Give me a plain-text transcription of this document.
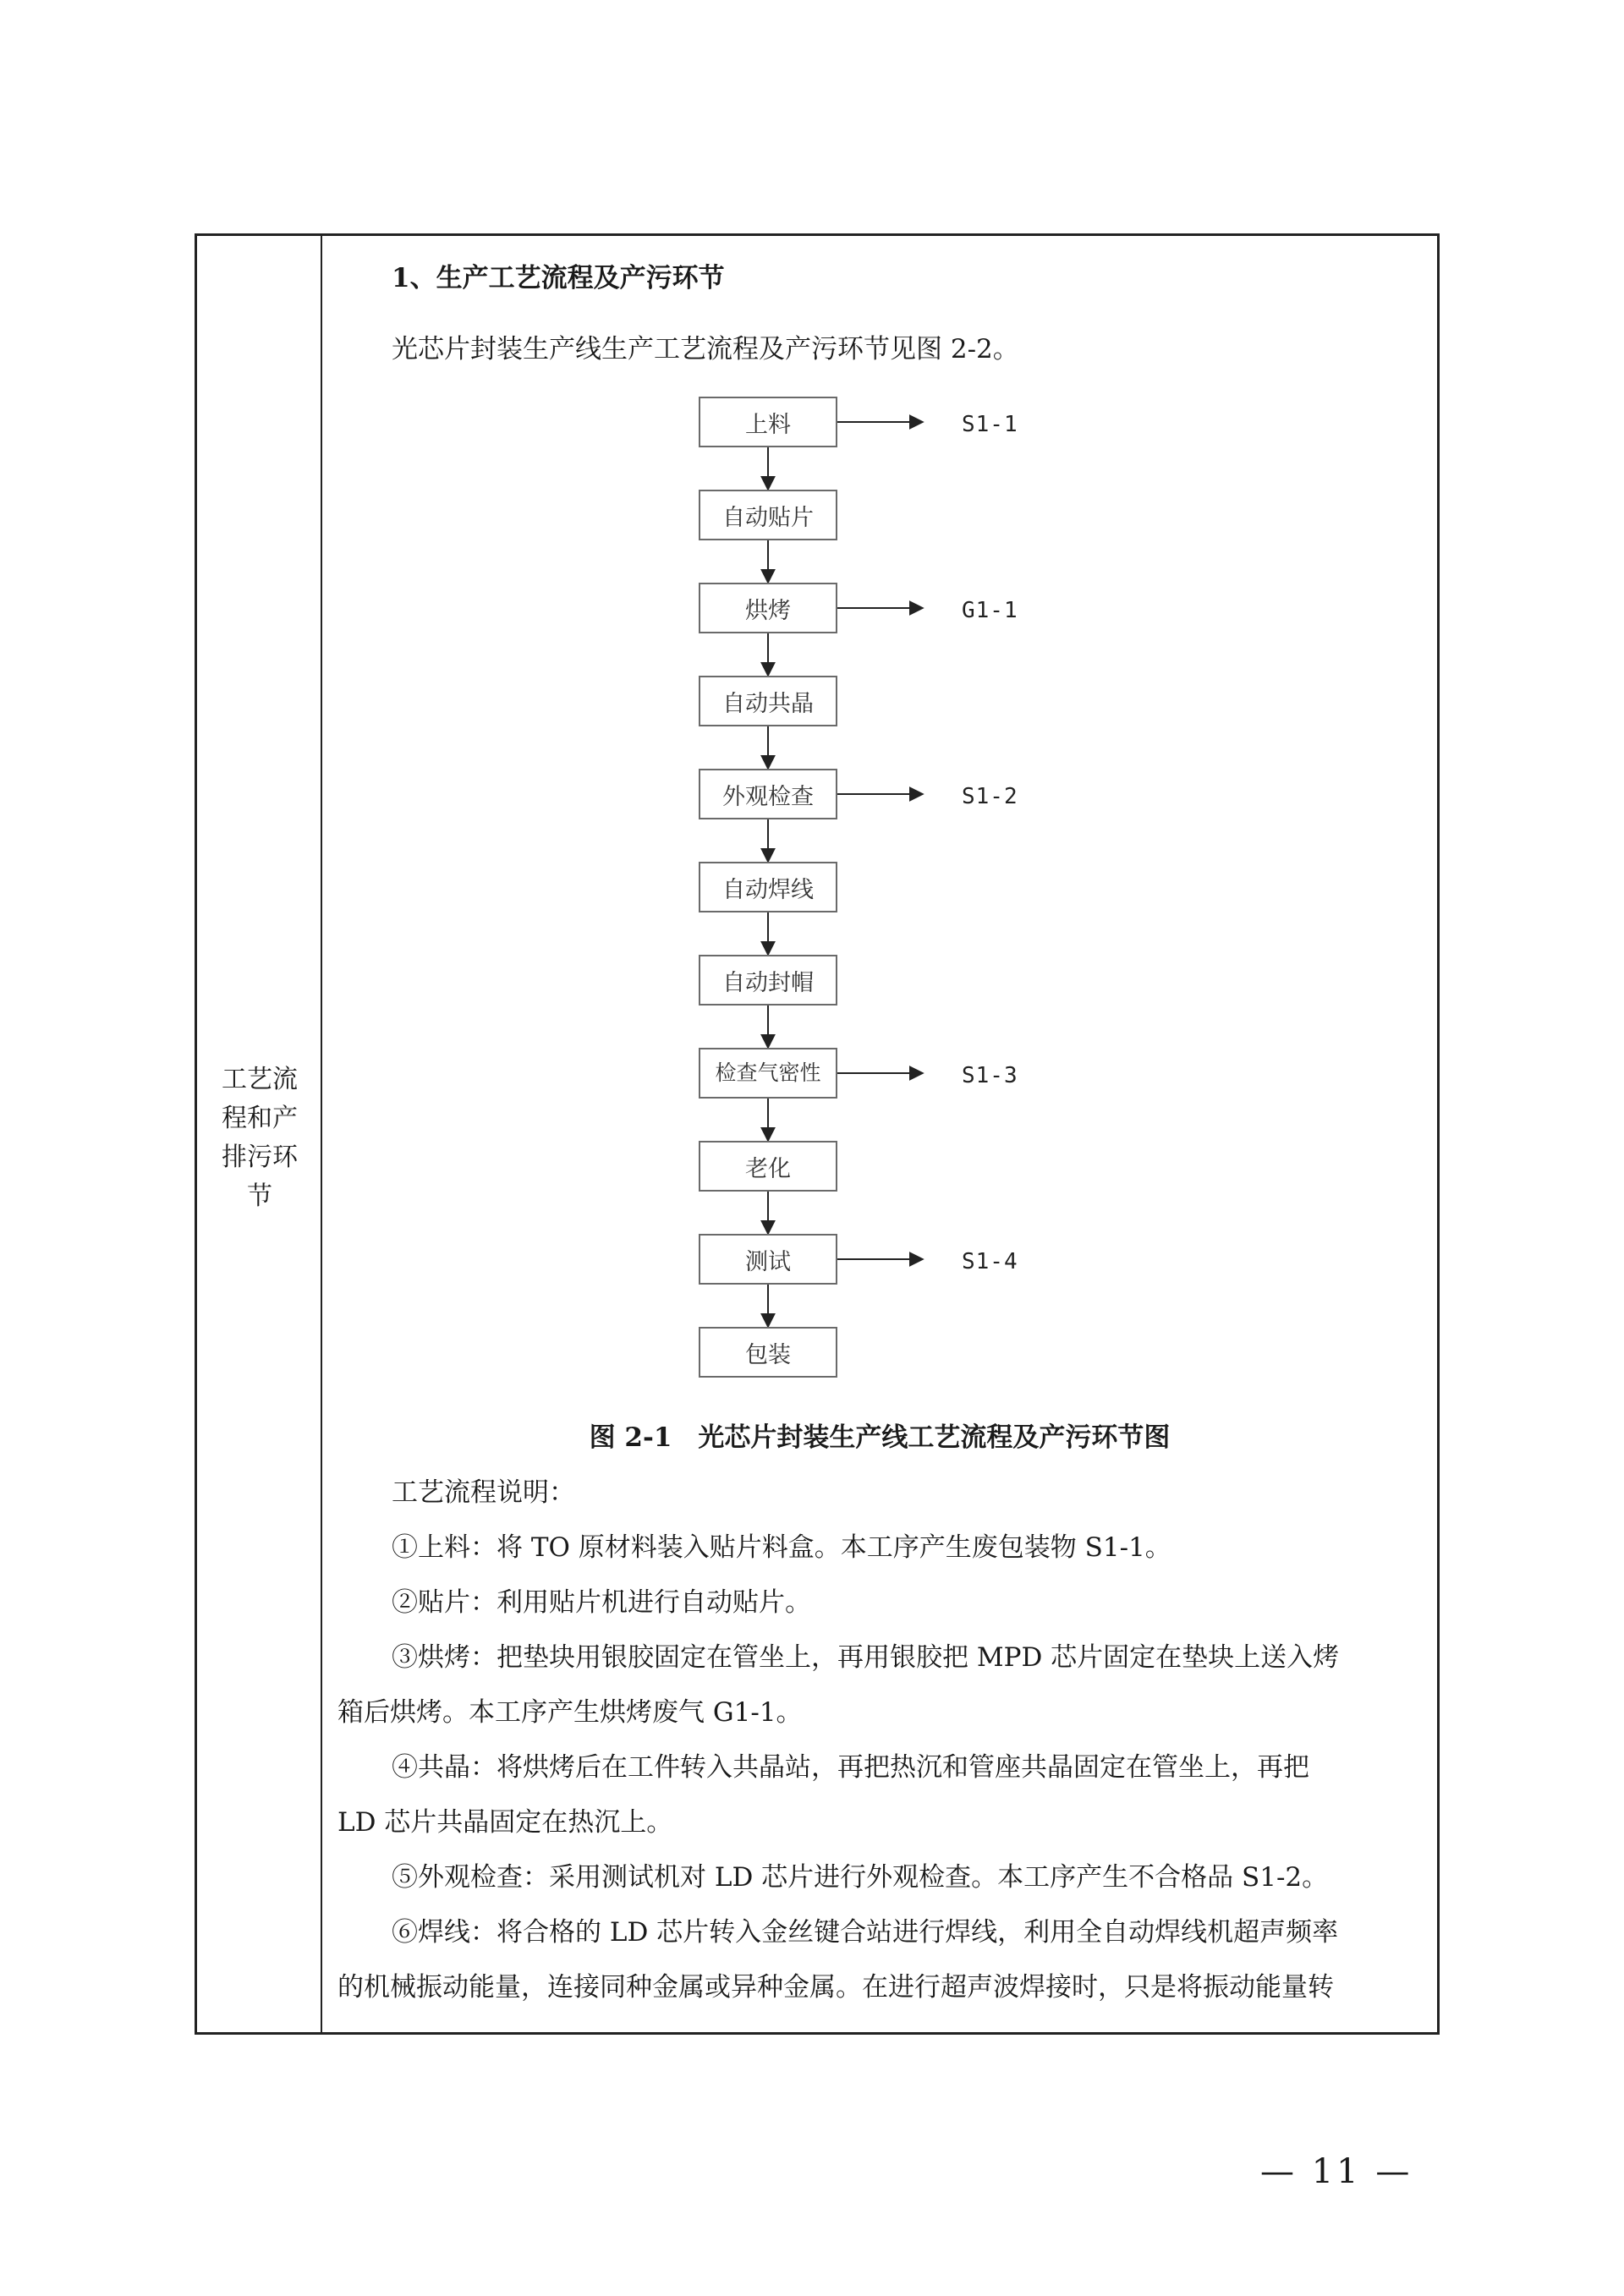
工艺流
程和产
排污环
节
1、生产工艺流程及产污环节
光芯片封装生产线生产工艺流程及产污环节见图 2-2。
上料
自动贴片
烘烤
自动共晶
外观检查
自动焊线
自动封帽
检查气密性
老化
测试
包装
S1-1
G1-1
S1-2
S1-3
S1-4
图 2-1　光芯片封装生产线工艺流程及产污环节图
工艺流程说明：
①上料：将 TO 原材料装入贴片料盒。本工序产生废包装物 S1-1。
②贴片：利用贴片机进行自动贴片。
③烘烤：把垫块用银胶固定在管坐上，再用银胶把 MPD 芯片固定在垫块上送入烤
箱后烘烤。本工序产生烘烤废气 G1-1。
④共晶：将烘烤后在工件转入共晶站，再把热沉和管座共晶固定在管坐上，再把
LD 芯片共晶固定在热沉上。
⑤外观检查：采用测试机对 LD 芯片进行外观检查。本工序产生不合格品 S1-2。
⑥焊线：将合格的 LD 芯片转入金丝键合站进行焊线，利用全自动焊线机超声频率
的机械振动能量，连接同种金属或异种金属。在进行超声波焊接时，只是将振动能量转
— 11 —
